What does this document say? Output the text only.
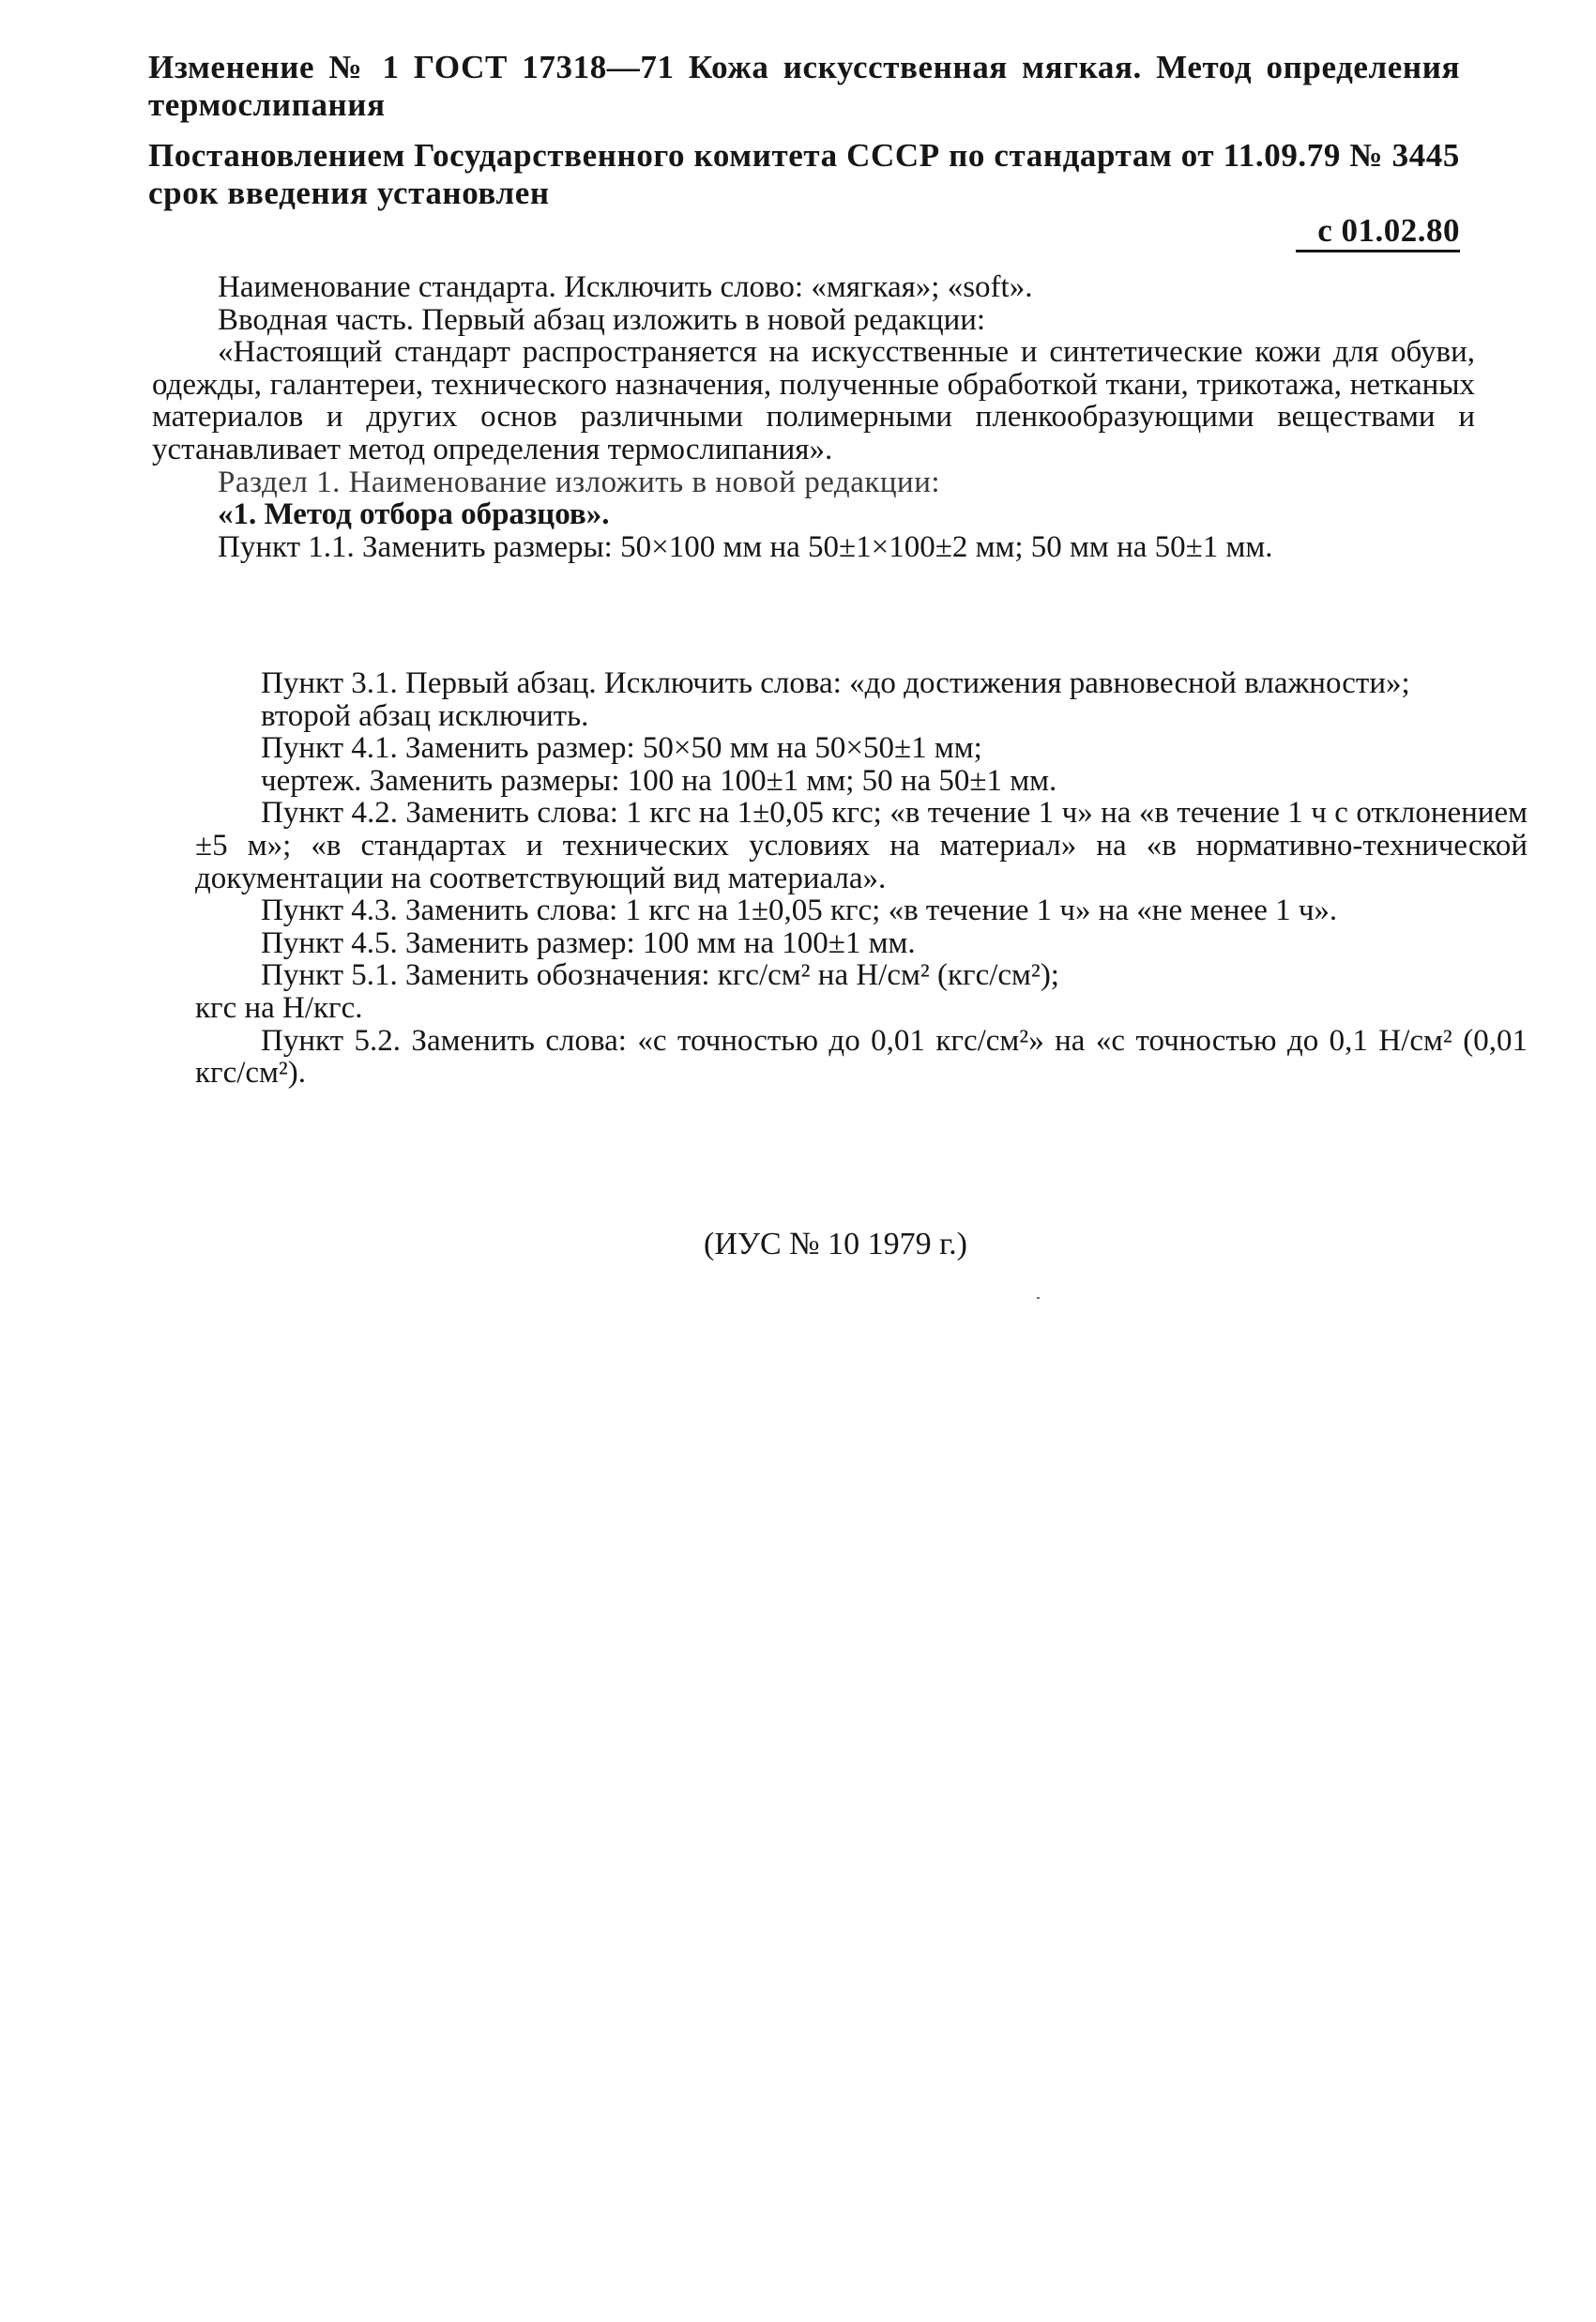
Изменение № 1 ГОСТ 17318—71 Кожа искусственная мягкая. Метод определения термослипания
Постановлением Государственного комитета СССР по стандартам от 11.09.79 № 3445 срок введения установлен
с 01.02.80

Наименование стандарта. Исключить слово: «мягкая»; «soft».

Вводная часть. Первый абзац изложить в новой редакции:

«Настоящий стандарт распространяется на искусственные и синтетические кожи для обуви, одежды, галантереи, технического назначения, полученные обработкой ткани, трикотажа, нетканых материалов и других основ различными полимерными пленкообразующими веществами и устанавливает метод определения термослипания».

Раздел 1. Наименование изложить в новой редакции:

«1. Метод отбора образцов».

Пункт 1.1. Заменить размеры: 50×100 мм на 50±1×100±2 мм; 50 мм на 50±1 мм.

Пункт 3.1. Первый абзац. Исключить слова: «до достижения равновесной влажности»;

второй абзац исключить.

Пункт 4.1. Заменить размер: 50×50 мм на 50×50±1 мм;

чертеж. Заменить размеры: 100 на 100±1 мм; 50 на 50±1 мм.

Пункт 4.2. Заменить слова: 1 кгс на 1±0,05 кгс; «в течение 1 ч» на «в течение 1 ч с отклонением ±5 м»; «в стандартах и технических условиях на материал» на «в нормативно-технической документации на соответствующий вид материала».

Пункт 4.3. Заменить слова: 1 кгс на 1±0,05 кгс; «в течение 1 ч» на «не менее 1 ч».

Пункт 4.5. Заменить размер: 100 мм на 100±1 мм.

Пункт 5.1. Заменить обозначения: кгс/см² на Н/см² (кгс/см²);

кгс на Н/кгс.

Пункт 5.2. Заменить слова: «с точностью до 0,01 кгс/см²» на «с точностью до 0,1 Н/см² (0,01 кгс/см²).

(ИУС № 10 1979 г.)
